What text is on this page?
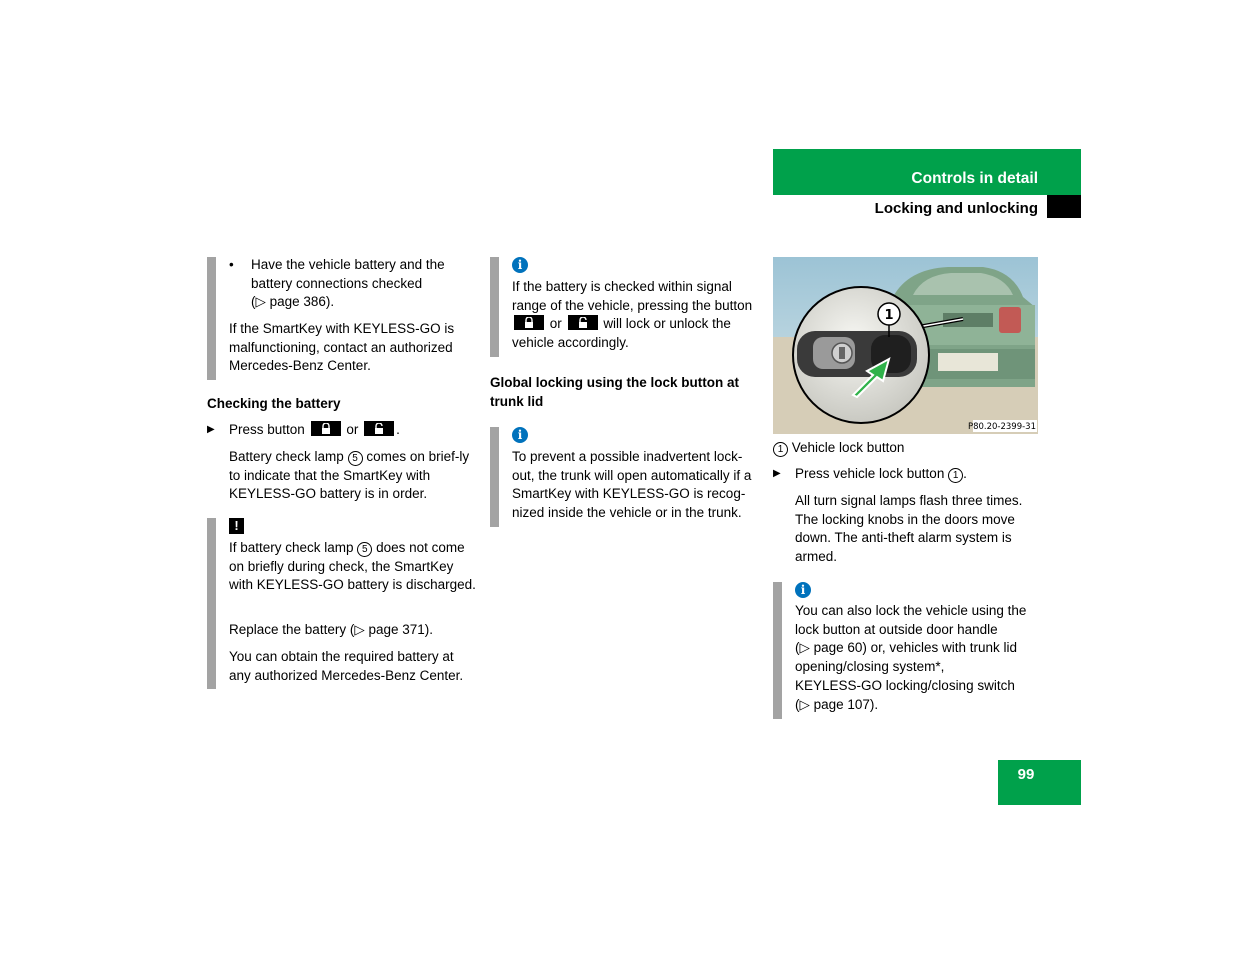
Controls in detail
Locking and unlocking
• Have the vehicle battery and the battery connections checked
(▷ page 386).

If the SmartKey with KEYLESS-GO is malfunctioning, contact an authorized Mercedes-Benz Center.

Checking the battery

▶ Press button	or	.

Battery check lamp 5 comes on brief-ly to indicate that the SmartKey with KEYLESS-GO battery is in order.

!

If battery check lamp 5 does not come on briefly during check, the SmartKey with KEYLESS-GO battery is discharged.

Replace the battery (▷ page 371).

You can obtain the required battery at any authorized Mercedes-Benz Center.

i

If the battery is checked within signal range of the vehicle, pressing the button
or	will lock or unlock the vehicle accordingly.

Global locking using the lock button at trunk lid

i

To prevent a possible inadvertent lock-out, the trunk will open automatically if a SmartKey with KEYLESS-GO is recog-nized inside the vehicle or in the trunk.

1
P80.20-2399-31

1 Vehicle lock button

▶ Press vehicle lock button 1 .

All turn signal lamps flash three times. The locking knobs in the doors move down. The anti-theft alarm system is armed.

i

You can also lock the vehicle using the lock button at outside door handle

(▷ page 60) or, vehicles with trunk lid opening/closing system*,

KEYLESS-GO locking/closing switch

(▷ page 107).

99
